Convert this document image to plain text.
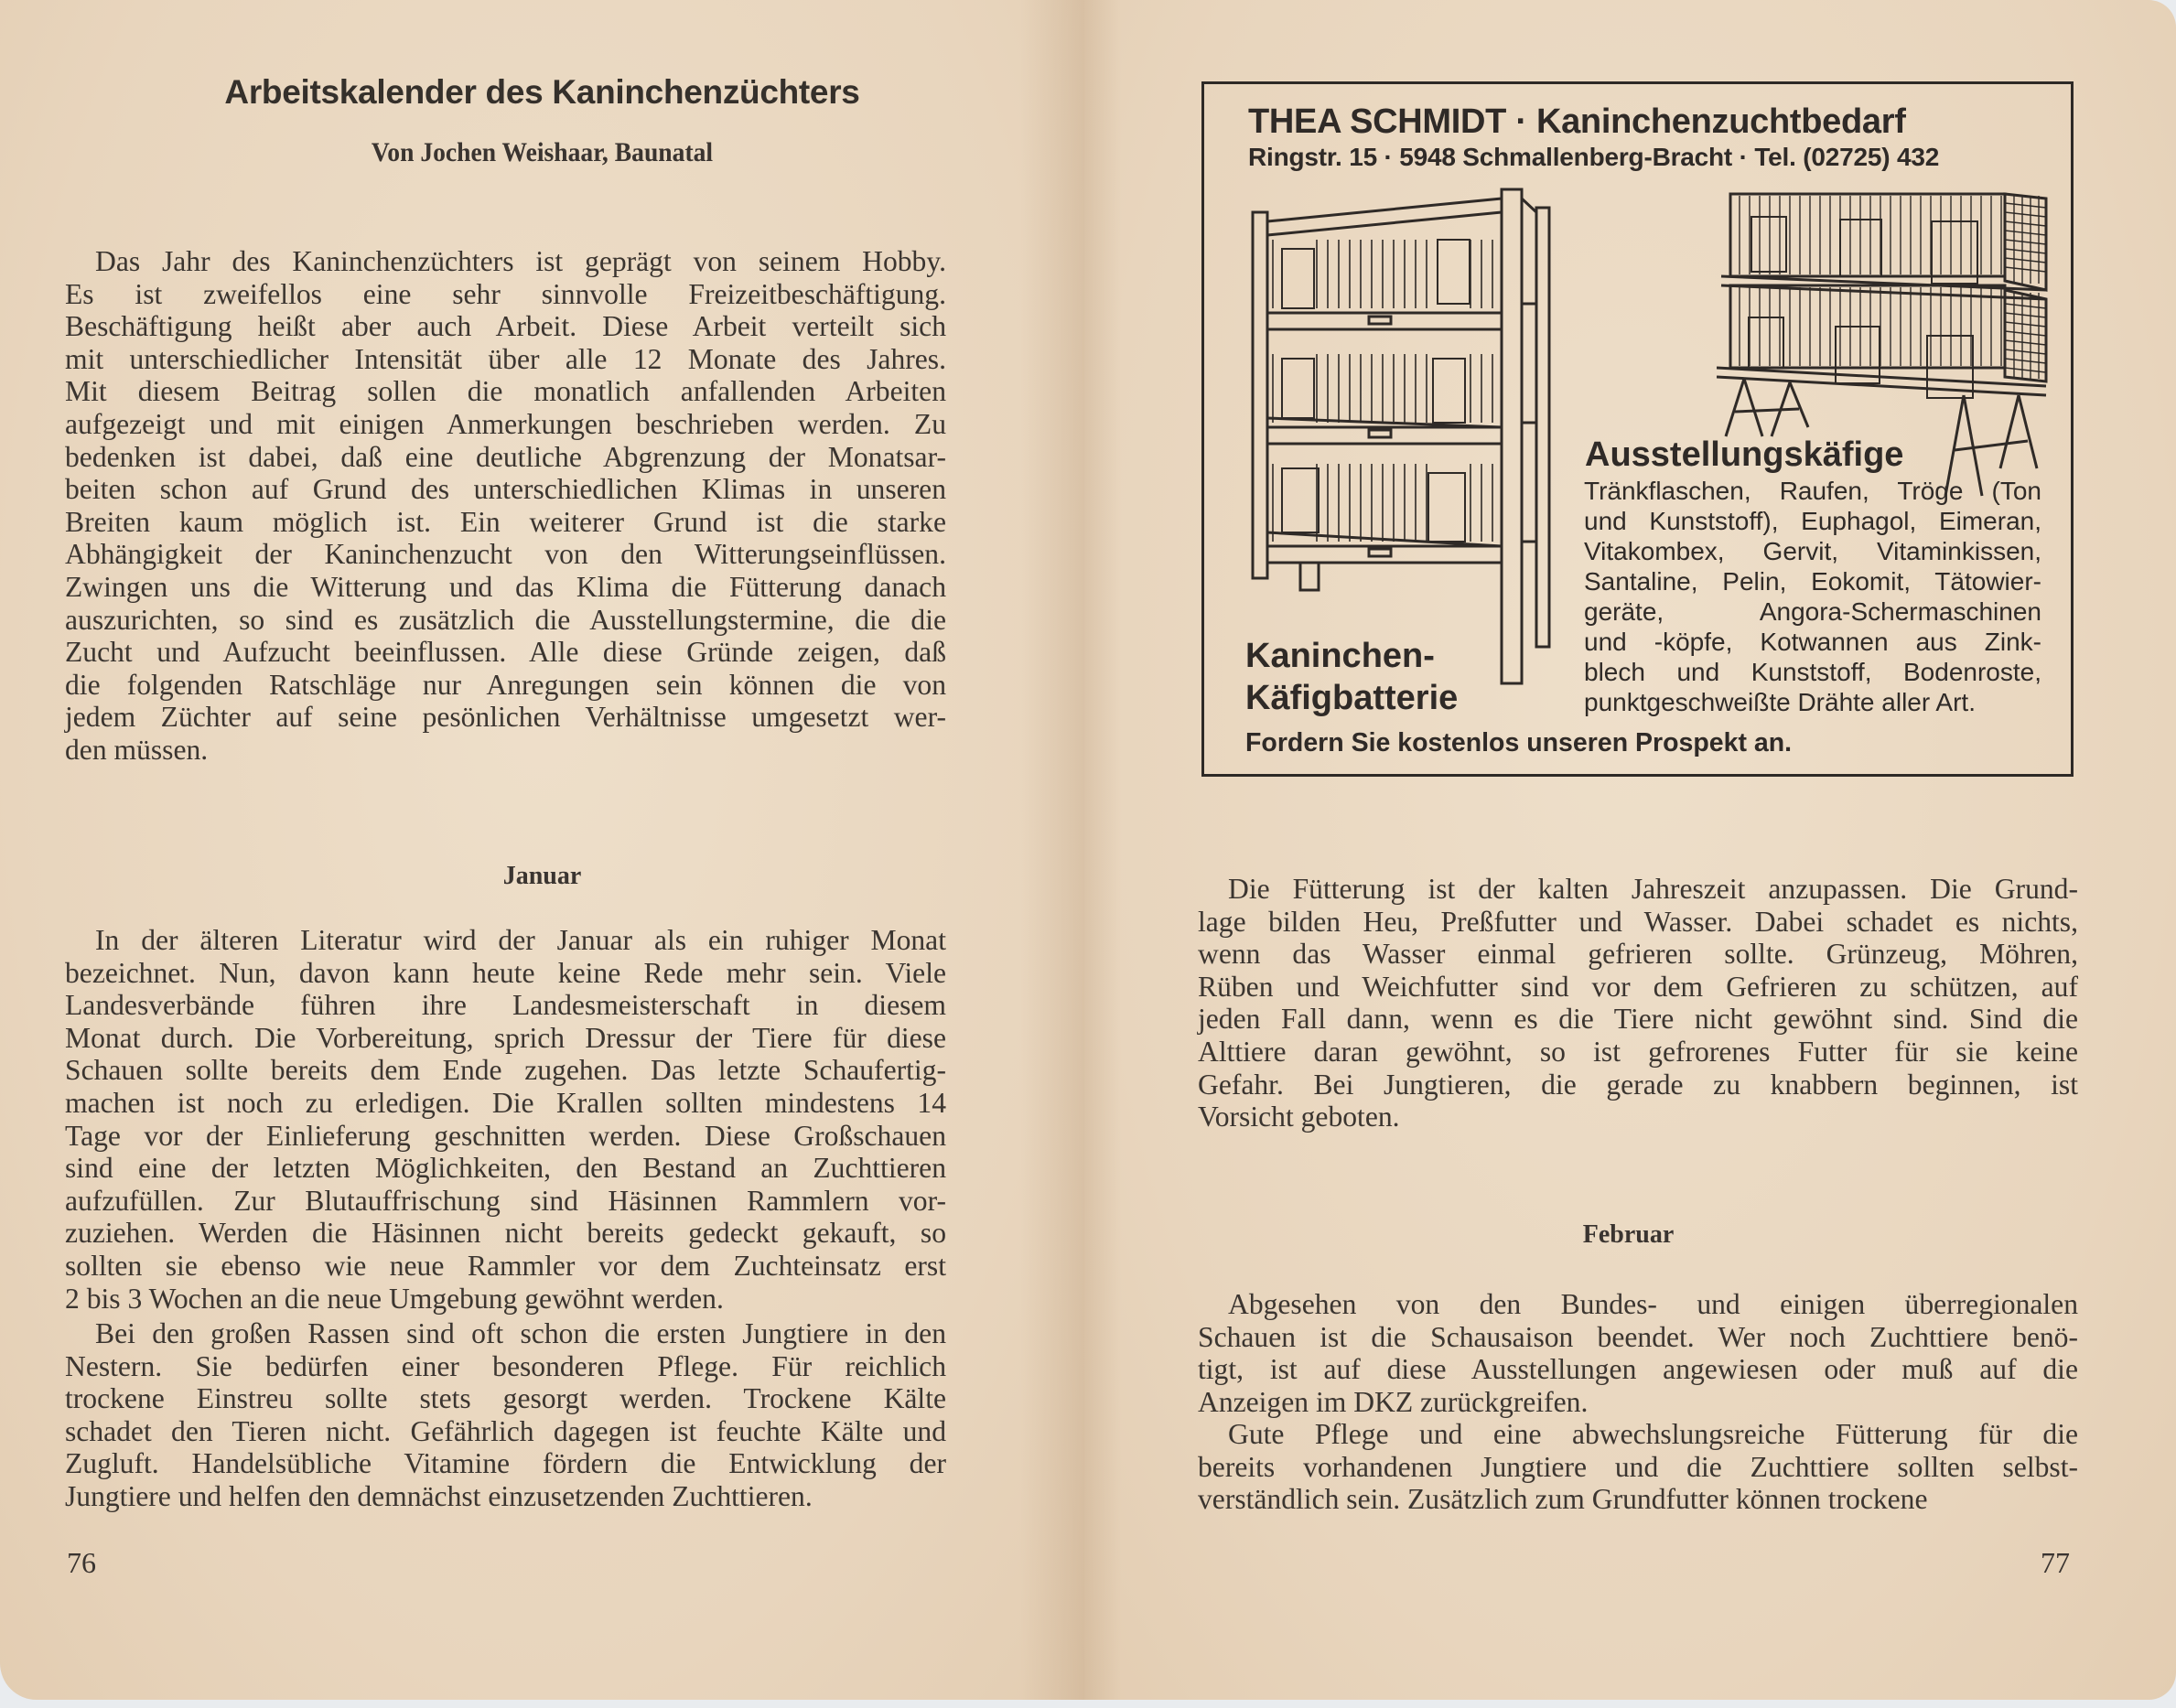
Arbeitskalender des Kaninchenzüchters
Von Jochen Weishaar, Baunatal
Das Jahr des Kaninchenzüchters ist geprägt von seinem Hobby.
Es ist zweifellos eine sehr sinnvolle Freizeitbeschäftigung.
Beschäftigung heißt aber auch Arbeit. Diese Arbeit verteilt sich
mit unterschiedlicher Intensität über alle 12 Monate des Jahres.
Mit diesem Beitrag sollen die monatlich anfallenden Arbeiten
aufgezeigt und mit einigen Anmerkungen beschrieben werden. Zu
bedenken ist dabei, daß eine deutliche Abgrenzung der Monatsar-
beiten schon auf Grund des unterschiedlichen Klimas in unseren
Breiten kaum möglich ist. Ein weiterer Grund ist die starke
Abhängigkeit der Kaninchenzucht von den Witterungseinflüssen.
Zwingen uns die Witterung und das Klima die Fütterung danach
auszurichten, so sind es zusätzlich die Ausstellungstermine, die die
Zucht und Aufzucht beeinflussen. Alle diese Gründe zeigen, daß
die folgenden Ratschläge nur Anregungen sein können die von
jedem Züchter auf seine pesönlichen Verhältnisse umgesetzt wer-
den müssen.
Januar
In der älteren Literatur wird der Januar als ein ruhiger Monat
bezeichnet. Nun, davon kann heute keine Rede mehr sein. Viele
Landesverbände führen ihre Landesmeisterschaft in diesem
Monat durch. Die Vorbereitung, sprich Dressur der Tiere für diese
Schauen sollte bereits dem Ende zugehen. Das letzte Schaufertig-
machen ist noch zu erledigen. Die Krallen sollten mindestens 14
Tage vor der Einlieferung geschnitten werden. Diese Großschauen
sind eine der letzten Möglichkeiten, den Bestand an Zuchttieren
aufzufüllen. Zur Blutauffrischung sind Häsinnen Rammlern vor-
zuziehen. Werden die Häsinnen nicht bereits gedeckt gekauft, so
sollten sie ebenso wie neue Rammler vor dem Zuchteinsatz erst
2 bis 3 Wochen an die neue Umgebung gewöhnt werden.
Bei den großen Rassen sind oft schon die ersten Jungtiere in den
Nestern. Sie bedürfen einer besonderen Pflege. Für reichlich
trockene Einstreu sollte stets gesorgt werden. Trockene Kälte
schadet den Tieren nicht. Gefährlich dagegen ist feuchte Kälte und
Zugluft. Handelsübliche Vitamine fördern die Entwicklung der
Jungtiere und helfen den demnächst einzusetzenden Zuchttieren.
76
THEA SCHMIDT · Kaninchenzuchtbedarf
Ringstr. 15 · 5948 Schmallenberg-Bracht · Tel. (02725) 432
Ausstellungskäfige
Kaninchen-
Käfigbatterie
Tränkflaschen, Raufen, Tröge (Ton
und Kunststoff), Euphagol, Eimeran,
Vitakombex, Gervit, Vitaminkissen,
Santaline, Pelin, Eokomit, Tätowier-
geräte, Angora-Schermaschinen
und -köpfe, Kotwannen aus Zink-
blech und Kunststoff, Bodenroste,
punktgeschweißte Drähte aller Art.
Fordern Sie kostenlos unseren Prospekt an.
Die Fütterung ist der kalten Jahreszeit anzupassen. Die Grund-
lage bilden Heu, Preßfutter und Wasser. Dabei schadet es nichts,
wenn das Wasser einmal gefrieren sollte. Grünzeug, Möhren,
Rüben und Weichfutter sind vor dem Gefrieren zu schützen, auf
jeden Fall dann, wenn es die Tiere nicht gewöhnt sind. Sind die
Alttiere daran gewöhnt, so ist gefrorenes Futter für sie keine
Gefahr. Bei Jungtieren, die gerade zu knabbern beginnen, ist
Vorsicht geboten.
Februar
Abgesehen von den Bundes- und einigen überregionalen
Schauen ist die Schausaison beendet. Wer noch Zuchttiere benö-
tigt, ist auf diese Ausstellungen angewiesen oder muß auf die
Anzeigen im DKZ zurückgreifen.
Gute Pflege und eine abwechslungsreiche Fütterung für die
bereits vorhandenen Jungtiere und die Zuchttiere sollten selbst-
verständlich sein. Zusätzlich zum Grundfutter können trockene
77
